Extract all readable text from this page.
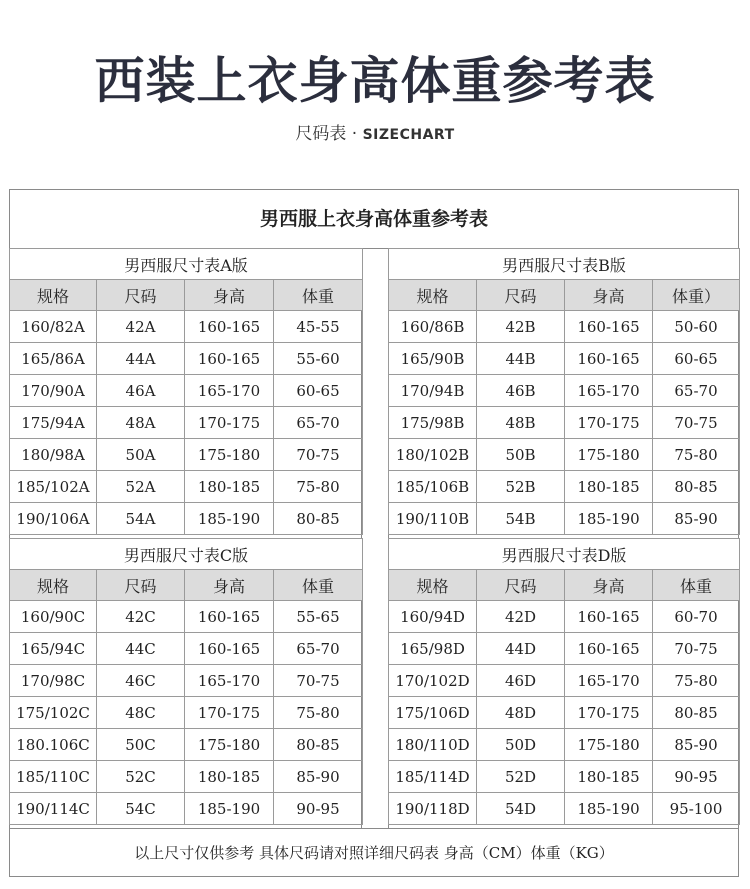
西装上衣身高体重参考表
尺码表 · SIZECHART
男西服上衣身高体重参考表
男西服尺寸表A版			
规格	尺码	身高	体重
160/82A	42A	160-165	45-55
165/86A	44A	160-165	55-60
170/90A	46A	165-170	60-65
175/94A	48A	170-175	65-70
180/98A	50A	175-180	70-75
185/102A	52A	180-185	75-80
190/106A	54A	185-190	80-85
男西服尺寸表B版			
规格	尺码	身高	体重）
160/86B	42B	160-165	50-60
165/90B	44B	160-165	60-65
170/94B	46B	165-170	65-70
175/98B	48B	170-175	70-75
180/102B	50B	175-180	75-80
185/106B	52B	180-185	80-85
190/110B	54B	185-190	85-90
男西服尺寸表C版			
规格	尺码	身高	体重
160/90C	42C	160-165	55-65
165/94C	44C	160-165	65-70
170/98C	46C	165-170	70-75
175/102C	48C	170-175	75-80
180.106C	50C	175-180	80-85
185/110C	52C	180-185	85-90
190/114C	54C	185-190	90-95
男西服尺寸表D版			
规格	尺码	身高	体重
160/94D	42D	160-165	60-70
165/98D	44D	160-165	70-75
170/102D	46D	165-170	75-80
175/106D	48D	170-175	80-85
180/110D	50D	175-180	85-90
185/114D	52D	180-185	90-95
190/118D	54D	185-190	95-100
以上尺寸仅供参考 具体尺码请对照详细尺码表 身高（CM）体重（KG）
